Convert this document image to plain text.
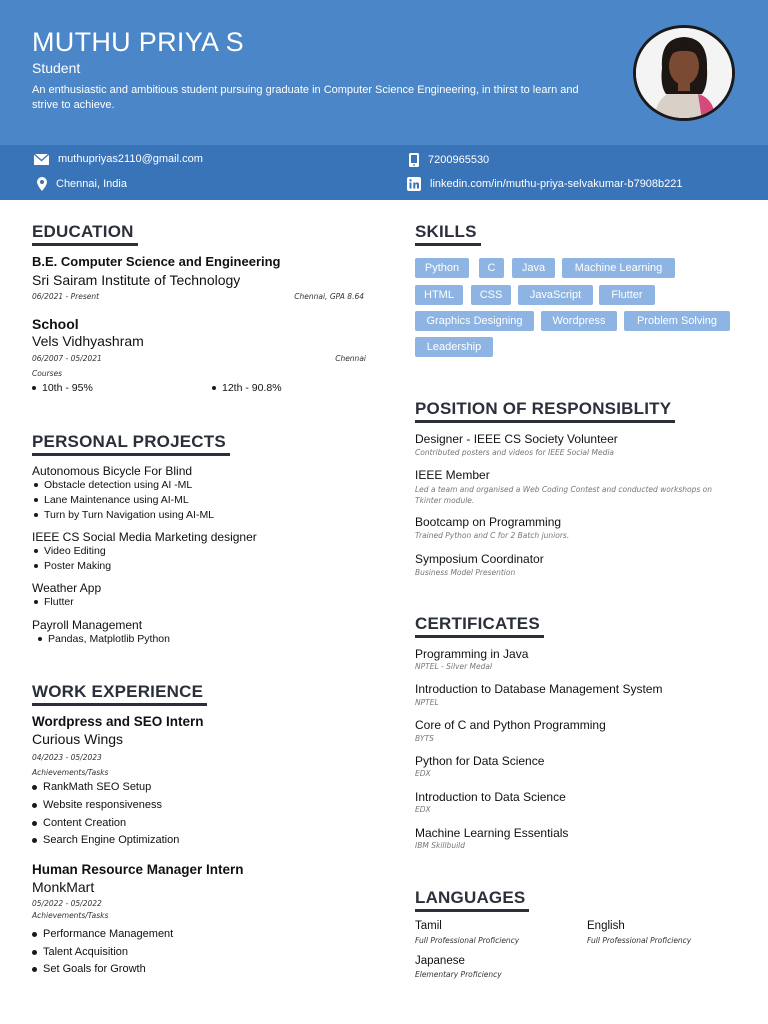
MUTHU PRIYA S
Student
An enthusiastic and ambitious student pursuing graduate in Computer Science Engineering, in thirst to learn and strive to achieve.
muthupriyas2110@gmail.com	7200965530
Chennai, India	linkedin.com/in/muthu-priya-selvakumar-b7908b221
EDUCATION
B.E. Computer Science and Engineering
Sri Sairam Institute of Technology
06/2021 - Present	Chennai, GPA 8.64
School
Vels Vidhyashram
06/2007 - 05/2021	Chennai
Courses
10th - 95%	12th - 90.8%
PERSONAL PROJECTS
Autonomous Bicycle For Blind
Obstacle detection using AI -ML
Lane Maintenance using AI-ML
Turn by Turn Navigation using AI-ML
IEEE CS Social Media Marketing designer
Video Editing
Poster Making
Weather App
Flutter
Payroll Management
Pandas, Matplotlib Python
WORK EXPERIENCE
Wordpress and SEO Intern
Curious Wings
04/2023 - 05/2023
Achievements/Tasks
RankMath SEO Setup
Website responsiveness
Content Creation
Search Engine Optimization
Human Resource Manager Intern
MonkMart
05/2022 - 05/2022
Achievements/Tasks
Performance Management
Talent Acquisition
Set Goals for Growth
SKILLS
Python	C	Java	Machine Learning
HTML	CSS	JavaScript	Flutter
Graphics Designing	Wordpress	Problem Solving
Leadership
POSITION OF RESPONSIBLITY
Designer - IEEE CS Society Volunteer
Contributed posters and videos for IEEE Social Media
IEEE Member
Led a team and organised a Web Coding Contest and conducted workshops on Tkinter module.
Bootcamp on Programming
Trained Python and C for 2 Batch juniors.
Symposium Coordinator
Business Model Presention
CERTIFICATES
Programming in Java
NPTEL - Silver Medal
Introduction to Database Management System
NPTEL
Core of C and Python Programming
BYTS
Python for Data Science
EDX
Introduction to Data Science
EDX
Machine Learning Essentials
IBM Skillbuild
LANGUAGES
Tamil
Full Professional Proficiency
English
Full Professional Proficiency
Japanese
Elementary Proficiency
